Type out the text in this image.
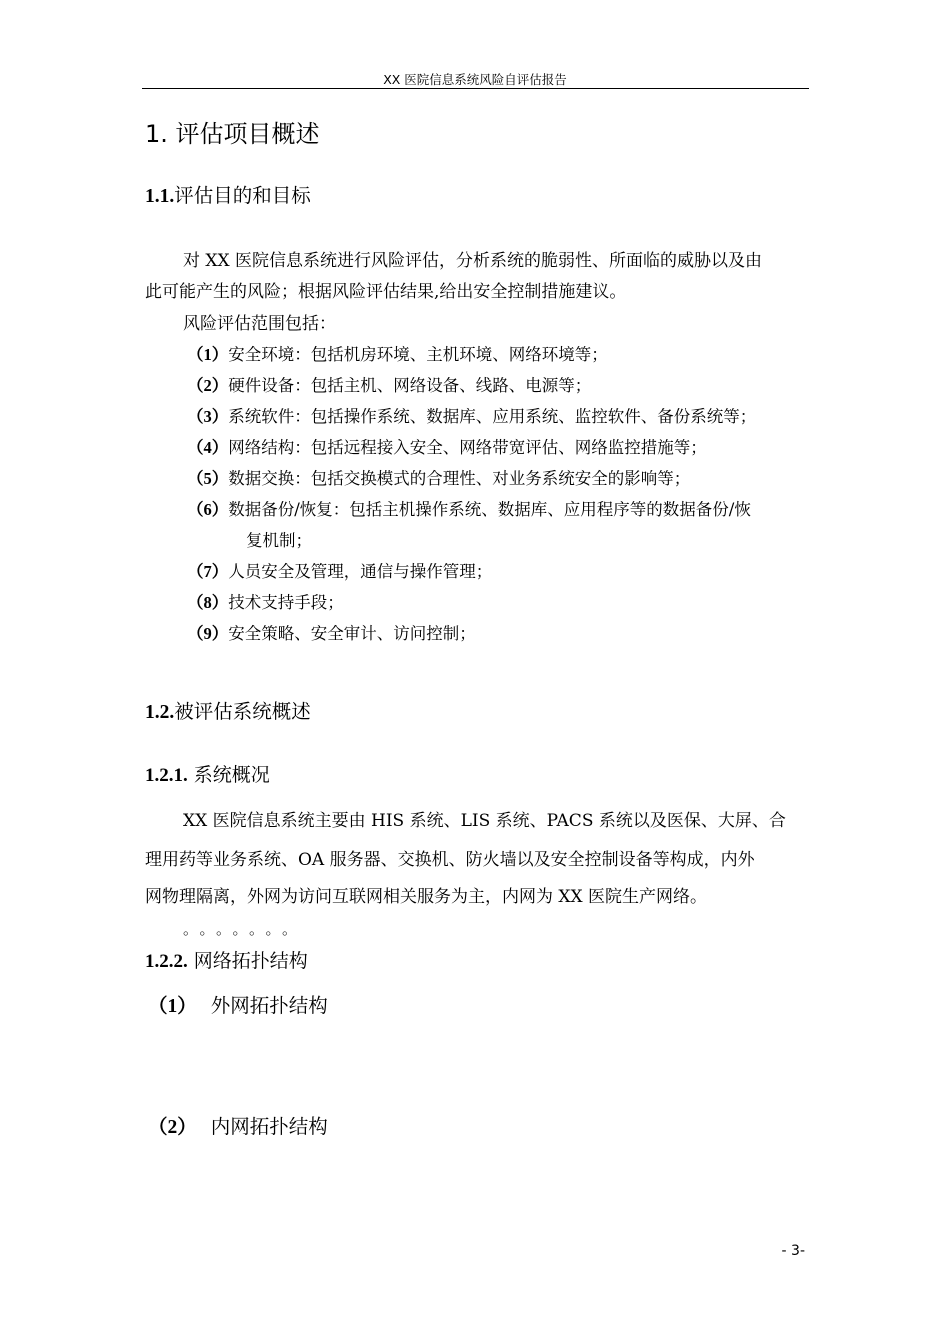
XX 医院信息系统风险自评估报告
1. 评估项目概述
1.1.评估目的和目标
对 XX 医院信息系统进行风险评估，分析系统的脆弱性、所面临的威胁以及由
此可能产生的风险；根据风险评估结果,给出安全控制措施建议。
风险评估范围包括：
（1）安全环境：包括机房环境、主机环境、网络环境等；
（2）硬件设备：包括主机、网络设备、线路、电源等；
（3）系统软件：包括操作系统、数据库、应用系统、监控软件、备份系统等；
（4）网络结构：包括远程接入安全、网络带宽评估、网络监控措施等；
（5）数据交换：包括交换模式的合理性、对业务系统安全的影响等；
（6）数据备份/恢复：包括主机操作系统、数据库、应用程序等的数据备份/恢
复机制；
（7）人员安全及管理，通信与操作管理；
（8）技术支持手段；
（9）安全策略、安全审计、访问控制；
1.2.被评估系统概述
1.2.1. 系统概况
XX 医院信息系统主要由 HIS 系统、LIS 系统、PACS 系统以及医保、大屏、合
理用药等业务系统、OA 服务器、交换机、防火墙以及安全控制设备等构成，内外
网物理隔离，外网为访问互联网相关服务为主，内网为 XX 医院生产网络。
。。。。。。。
1.2.2. 网络拓扑结构
（1） 外网拓扑结构
（2） 内网拓扑结构
- 3-
